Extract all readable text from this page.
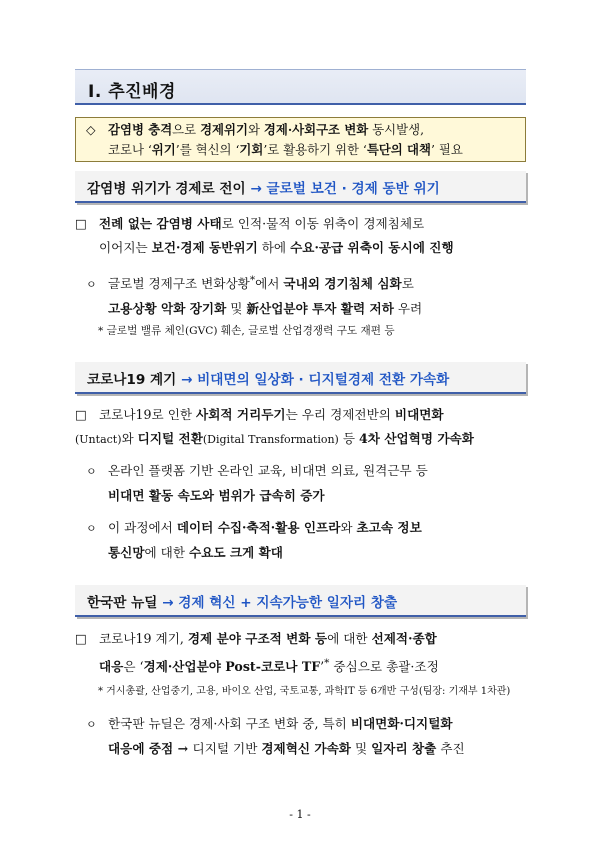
Ⅰ. 추진배경
◇ 감염병 충격으로 경제위기와 경제·사회구조 변화 동시발생,
코로나 ‘위기’를 혁신의 ‘기회’로 활용하기 위한 ‘특단의 대책’ 필요
감염병 위기가 경제로 전이 → 글로벌 보건 · 경제 동반 위기
□ 전례 없는 감염병 사태로 인적·물적 이동 위축이 경제침체로
이어지는 보건·경제 동반위기 하에 수요·공급 위축이 동시에 진행
ㅇ 글로벌 경제구조 변화상황*에서 국내외 경기침체 심화로
고용상황 악화 장기화 및 新산업분야 투자 활력 저하 우려
* 글로벌 밸류 체인(GVC) 훼손, 글로벌 산업경쟁력 구도 재편 등
코로나19 계기 → 비대면의 일상화 · 디지털경제 전환 가속화
□ 코로나19로 인한 사회적 거리두기는 우리 경제전반의 비대면화
(Untact)와 디지털 전환(Digital Transformation) 등 4차 산업혁명 가속화
ㅇ 온라인 플랫폼 기반 온라인 교육, 비대면 의료, 원격근무 등
비대면 활동 속도와 범위가 급속히 증가
ㅇ 이 과정에서 데이터 수집·축적·활용 인프라와 초고속 정보
통신망에 대한 수요도 크게 확대
한국판 뉴딜 → 경제 혁신 + 지속가능한 일자리 창출
□ 코로나19 계기, 경제 분야 구조적 변화 등에 대한 선제적·종합
대응은 ‘경제·산업분야 Post-코로나 TF’* 중심으로 총괄·조정
* 거시총괄, 산업중기, 고용, 바이오 산업, 국토교통, 과학IT 등 6개반 구성(팀장: 기재부 1차관)
ㅇ 한국판 뉴딜은 경제·사회 구조 변화 중, 특히 비대면화·디지털화
대응에 중점 → 디지털 기반 경제혁신 가속화 및 일자리 창출 추진
- 1 -
